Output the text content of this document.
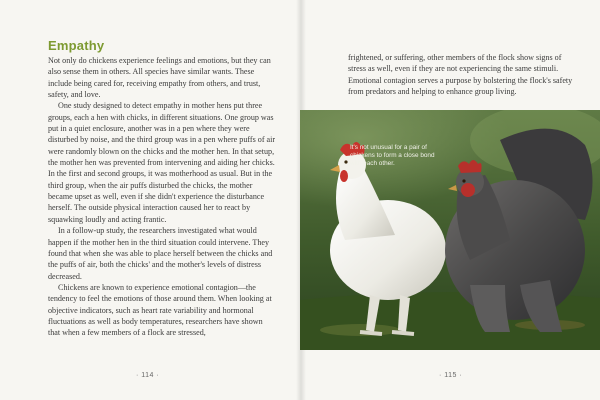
Empathy

Not only do chickens experience feelings and emotions, but they can also sense them in others. All species have similar wants. These include being cared for, receiving empathy from others, and trust, safety, and love.

One study designed to detect empathy in mother hens put three groups, each a hen with chicks, in different situations. One group was put in a quiet enclosure, another was in a pen where they were disturbed by noise, and the third group was in a pen where puffs of air were randomly blown on the chicks and the mother hen. In that setup, the mother hen was prevented from intervening and aiding her chicks. In the first and second groups, it was motherhood as usual. But in the third group, when the air puffs disturbed the chicks, the mother became upset as well, even if she didn't experience the disturbance herself. The outside physical interaction caused her to react by squawking loudly and acting frantic.

In a follow-up study, the researchers investigated what would happen if the mother hen in the third situation could intervene. They found that when she was able to place herself between the chicks and the puffs of air, both the chicks' and the mother's levels of distress decreased.

Chickens are known to experience emotional contagion—the tendency to feel the emotions of those around them. When looking at objective indicators, such as heart rate variability and hormonal fluctuations as well as body temperatures, researchers have shown that when a few members of a flock are stressed,

· 114 ·

frightened, or suffering, other members of the flock show signs of stress as well, even if they are not experiencing the same stimuli. Emotional contagion serves a purpose by bolstering the flock's safety from predators and helping to enhance group living.

It's not unusual for a pair of chickens to form a close bond with each other.
· 115 ·
